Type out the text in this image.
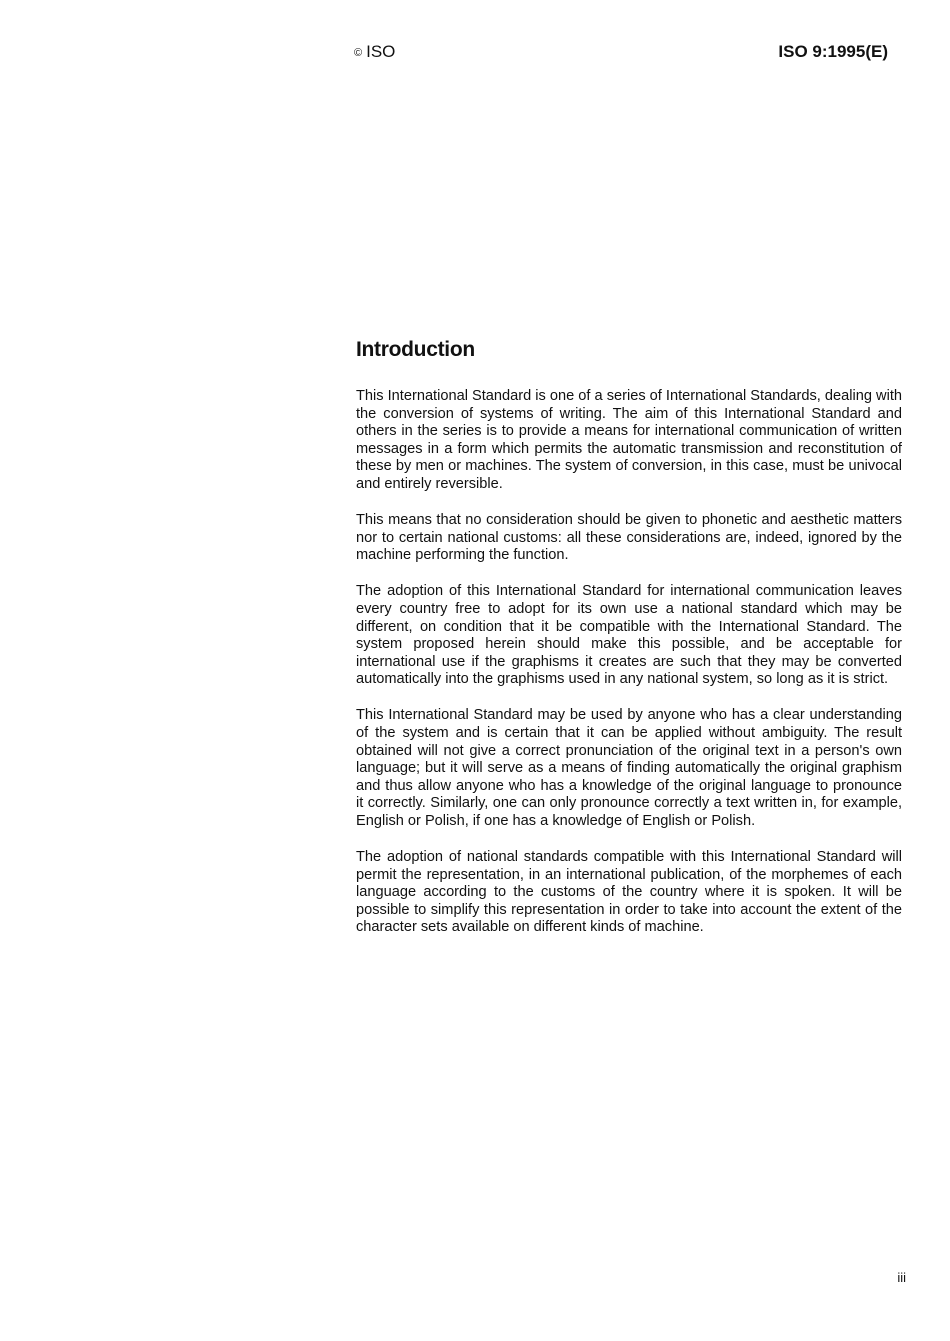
© ISO	ISO 9:1995(E)
Introduction

This International Standard is one of a series of International Standards, dealing with the conversion of systems of writing. The aim of this International Standard and others in the series is to provide a means for international communication of written messages in a form which permits the automatic transmission and reconstitution of these by men or machines. The system of conversion, in this case, must be univocal and entirely reversible.

This means that no consideration should be given to phonetic and aesthetic matters nor to certain national customs: all these considerations are, indeed, ignored by the machine performing the function.

The adoption of this International Standard for international communication leaves every country free to adopt for its own use a national standard which may be different, on condition that it be compatible with the International Standard. The system proposed herein should make this possible, and be acceptable for international use if the graphisms it creates are such that they may be converted automatically into the graphisms used in any national system, so long as it is strict.

This International Standard may be used by anyone who has a clear understanding of the system and is certain that it can be applied without ambiguity. The result obtained will not give a correct pronunciation of the original text in a person's own language; but it will serve as a means of finding automatically the original graphism and thus allow anyone who has a knowledge of the original language to pronounce it correctly. Similarly, one can only pronounce correctly a text written in, for example, English or Polish, if one has a knowledge of English or Polish.

The adoption of national standards compatible with this International Standard will permit the representation, in an international publication, of the morphemes of each language according to the customs of the country where it is spoken. It will be possible to simplify this representation in order to take into account the extent of the character sets available on different kinds of machine.

iii
